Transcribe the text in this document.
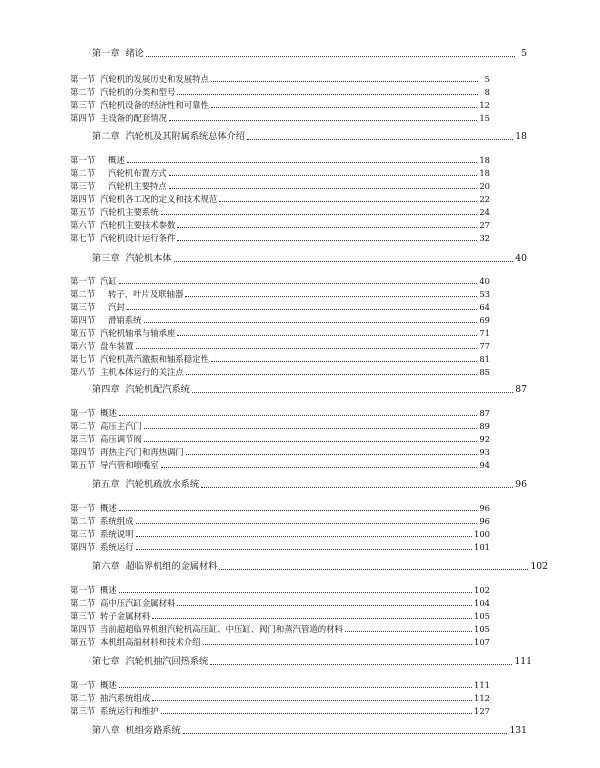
第一章 绪论	5
第一节 汽轮机的发展历史和发展特点	5
第二节 汽轮机的分类和型号	8
第三节 汽轮机设备的经济性和可靠性	12
第四节 主设备的配套情况	15
第二章 汽轮机及其附属系统总体介绍	18
第一节 概述	18
第二节 汽轮机布置方式	18
第三节 汽轮机主要特点	20
第四节 汽轮机各工况的定义和技术规范	22
第五节 汽轮机主要系统	24
第六节 汽轮机主要技术参数	27
第七节 汽轮机设计运行条件	32
第三章 汽轮机本体	40
第一节 汽缸	40
第二节 转子，叶片及联轴器	53
第三节 汽封	64
第四节 滑销系统	69
第五节 汽轮机轴承与轴承座	71
第六节 盘车装置	77
第七节 汽轮机蒸汽激振和轴系稳定性	81
第八节 主机本体运行的关注点	85
第四章 汽轮机配汽系统	87
第一节 概述	87
第二节 高压主汽门	89
第三节 高压调节阀	92
第四节 再热主汽门和再热调门	93
第五节 导汽管和喷嘴室	94
第五章 汽轮机疏放水系统	96
第一节 概述	96
第二节 系统组成	96
第三节 系统说明	100
第四节 系统运行	101
第六章 超临界机组的金属材料	102
第一节 概述	102
第二节 高中压汽缸金属材料	104
第三节 转子金属材料	105
第四节 当前超超临界机组汽轮机高压缸、中压缸、阀门和蒸汽管道的材料	105
第五节 本机组高温材料和技术介绍	107
第七章 汽轮机抽汽回热系统	111
第一节 概述	111
第二节 抽汽系统组成	112
第三节 系统运行和维护	127
第八章 机组旁路系统	131
